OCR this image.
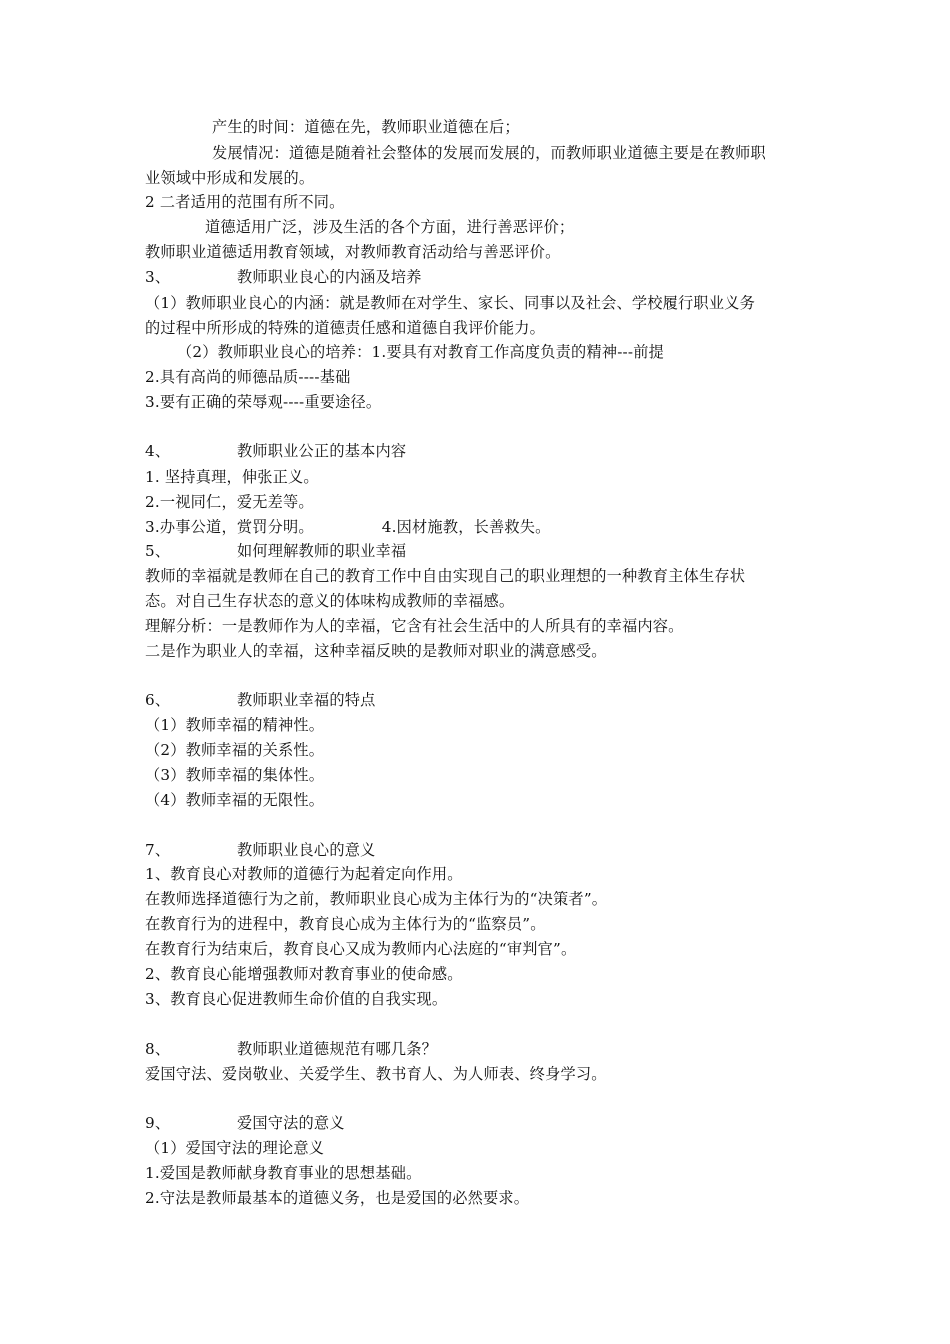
产生的时间：道德在先，教师职业道德在后；
发展情况：道德是随着社会整体的发展而发展的，而教师职业道德主要是在教师职
业领域中形成和发展的。
2 二者适用的范围有所不同。
道德适用广泛，涉及生活的各个方面，进行善恶评价；
教师职业道德适用教育领域，对教师教育活动给与善恶评价。
3、	教师职业良心的内涵及培养
（1）教师职业良心的内涵：就是教师在对学生、家长、同事以及社会、学校履行职业义务
的过程中所形成的特殊的道德责任感和道德自我评价能力。
（2）教师职业良心的培养：1.要具有对教育工作高度负责的精神---前提
2.具有高尚的师德品质----基础
3.要有正确的荣辱观----重要途径。
4、	教师职业公正的基本内容
1. 坚持真理，伸张正义。
2.一视同仁，爱无差等。
3.办事公道，赏罚分明。	4.因材施教，长善救失。
5、	如何理解教师的职业幸福
教师的幸福就是教师在自己的教育工作中自由实现自己的职业理想的一种教育主体生存状
态。对自己生存状态的意义的体味构成教师的幸福感。
理解分析：一是教师作为人的幸福，它含有社会生活中的人所具有的幸福内容。
二是作为职业人的幸福，这种幸福反映的是教师对职业的满意感受。
6、	教师职业幸福的特点
（1）教师幸福的精神性。
（2）教师幸福的关系性。
（3）教师幸福的集体性。
（4）教师幸福的无限性。
7、	教师职业良心的意义
1、教育良心对教师的道德行为起着定向作用。
在教师选择道德行为之前，教师职业良心成为主体行为的“决策者”。
在教育行为的进程中，教育良心成为主体行为的“监察员”。
在教育行为结束后，教育良心又成为教师内心法庭的“审判官”。
2、教育良心能增强教师对教育事业的使命感。
3、教育良心促进教师生命价值的自我实现。
8、	教师职业道德规范有哪几条？
爱国守法、爱岗敬业、关爱学生、教书育人、为人师表、终身学习。
9、	爱国守法的意义
（1）爱国守法的理论意义
1.爱国是教师献身教育事业的思想基础。
2.守法是教师最基本的道德义务，也是爱国的必然要求。
